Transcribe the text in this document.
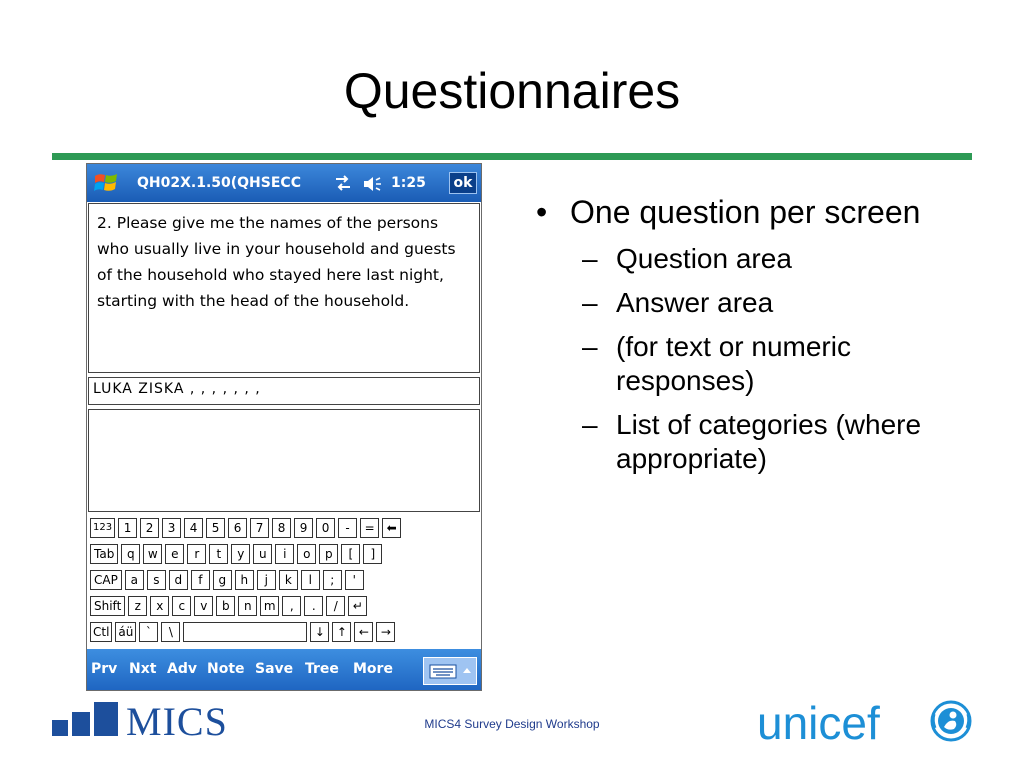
Questionnaires
QH02X.1.50(QHSECC	1:25	ok
2. Please give me the names of the persons who usually live in your household and guests of the household who stayed here last night, starting with the head of the household.
LUKA ZISKA , , , , , , ,
123 1	2	3	4	5	6	7	8	9	0	-	= ⬅
Tab	q	w	e	r	t	y	u	i	o	p	[	]
CAP	a	s	d	f	g	h	j	k	l	;	'
Shift	z	x	c	v	b	n	m	,	.	/	↵
Ctl áü	`	\	↓ ↑ ← →
Prv Nxt Adv Note Save Tree More
• One question per screen
– Question area
– Answer area
– (for text or numeric responses)
– List of categories (where appropriate)
MICS	MICS4 Survey Design Workshop	unicef
